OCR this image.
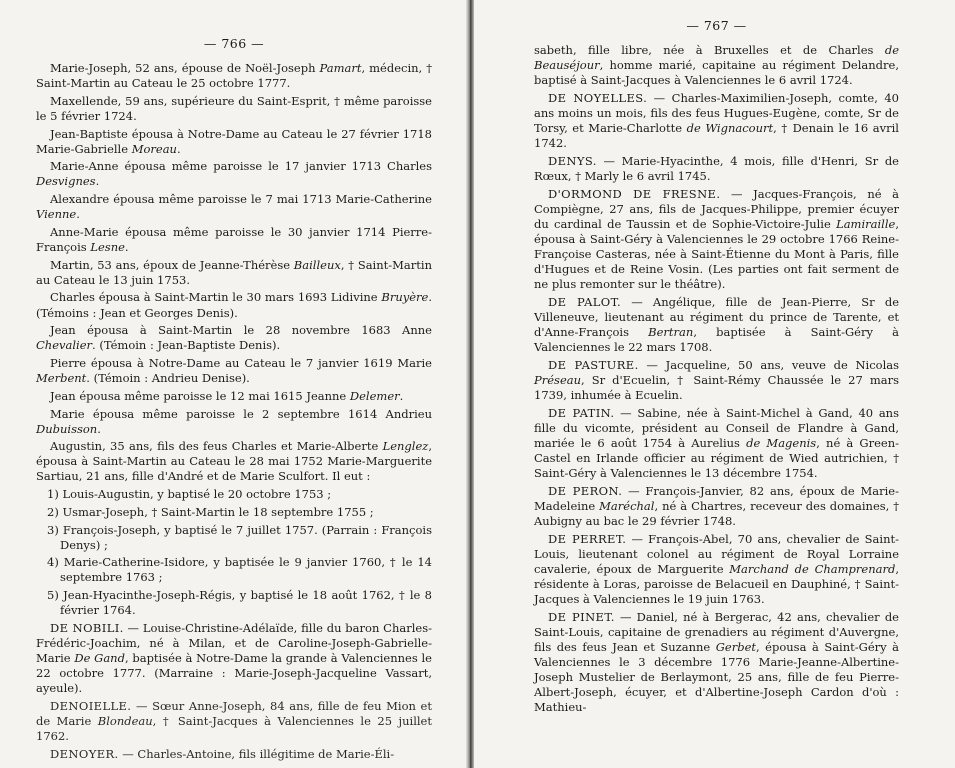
— 766 —

Marie-Joseph, 52 ans, épouse de Noël-Joseph Pamart, médecin, † Saint-Martin au Cateau le 25 octobre 1777.

Maxellende, 59 ans, supérieure du Saint-Esprit, † même paroisse le 5 février 1724.

Jean-Baptiste épousa à Notre-Dame au Cateau le 27 février 1718 Marie-Gabrielle Moreau.

Marie-Anne épousa même paroisse le 17 janvier 1713 Charles Desvignes.

Alexandre épousa même paroisse le 7 mai 1713 Marie-Catherine Vienne.

Anne-Marie épousa même paroisse le 30 janvier 1714 Pierre-François Lesne.

Martin, 53 ans, époux de Jeanne-Thérèse Bailleux, † Saint-Martin au Cateau le 13 juin 1753.

Charles épousa à Saint-Martin le 30 mars 1693 Lidivine Bruyère. (Témoins : Jean et Georges Denis).

Jean épousa à Saint-Martin le 28 novembre 1683 Anne Chevalier. (Témoin : Jean-Baptiste Denis).

Pierre épousa à Notre-Dame au Cateau le 7 janvier 1619 Marie Merbent. (Témoin : Andrieu Denise).

Jean épousa même paroisse le 12 mai 1615 Jeanne Delemer.

Marie épousa même paroisse le 2 septembre 1614 Andrieu Dubuisson.

Augustin, 35 ans, fils des feus Charles et Marie-Alberte Lenglez, épousa à Saint-Martin au Cateau le 28 mai 1752 Marie-Marguerite Sartiau, 21 ans, fille d'André et de Marie Sculfort. Il eut :

1) Louis-Augustin, y baptisé le 20 octobre 1753 ;

2) Usmar-Joseph, † Saint-Martin le 18 septembre 1755 ;

3) François-Joseph, y baptisé le 7 juillet 1757. (Parrain : François Denys) ;

4) Marie-Catherine-Isidore, y baptisée le 9 janvier 1760, † le 14 septembre 1763 ;

5) Jean-Hyacinthe-Joseph-Régis, y baptisé le 18 août 1762, † le 8 février 1764.

DE NOBILI. — Louise-Christine-Adélaïde, fille du baron Charles-Frédéric-Joachim, né à Milan, et de Caroline-Joseph-Gabrielle-Marie De Gand, baptisée à Notre-Dame la grande à Valenciennes le 22 octobre 1777. (Marraine : Marie-Joseph-Jacqueline Vassart, ayeule).

DENOIELLE. — Sœur Anne-Joseph, 84 ans, fille de feu Mion et de Marie Blondeau, † Saint-Jacques à Valenciennes le 25 juillet 1762.

DENOYER. — Charles-Antoine, fils illégitime de Marie-Éli-

— 767 —

sabeth, fille libre, née à Bruxelles et de Charles de Beauséjour, homme marié, capitaine au régiment Delandre, baptisé à Saint-Jacques à Valenciennes le 6 avril 1724.

DE NOYELLES. — Charles-Maximilien-Joseph, comte, 40 ans moins un mois, fils des feus Hugues-Eugène, comte, Sr de Torsy, et Marie-Charlotte de Wignacourt, † Denain le 16 avril 1742.

DENYS. — Marie-Hyacinthe, 4 mois, fille d'Henri, Sr de Rœux, † Marly le 6 avril 1745.

D'ORMOND DE FRESNE. — Jacques-François, né à Compiègne, 27 ans, fils de Jacques-Philippe, premier écuyer du cardinal de Taussin et de Sophie-Victoire-Julie Lamiraille, épousa à Saint-Géry à Valenciennes le 29 octobre 1766 Reine-Françoise Casteras, née à Saint-Étienne du Mont à Paris, fille d'Hugues et de Reine Vosin. (Les parties ont fait serment de ne plus remonter sur le théâtre).

DE PALOT. — Angélique, fille de Jean-Pierre, Sr de Villeneuve, lieutenant au régiment du prince de Tarente, et d'Anne-François Bertran, baptisée à Saint-Géry à Valenciennes le 22 mars 1708.

DE PASTURE. — Jacqueline, 50 ans, veuve de Nicolas Préseau, Sr d'Ecuelin, † Saint-Rémy Chaussée le 27 mars 1739, inhumée à Ecuelin.

DE PATIN. — Sabine, née à Saint-Michel à Gand, 40 ans fille du vicomte, président au Conseil de Flandre à Gand, mariée le 6 août 1754 à Aurelius de Magenis, né à Green-Castel en Irlande officier au régiment de Wied autrichien, † Saint-Géry à Valenciennes le 13 décembre 1754.

DE PERON. — François-Janvier, 82 ans, époux de Marie-Madeleine Maréchal, né à Chartres, receveur des domaines, † Aubigny au bac le 29 février 1748.

DE PERRET. — François-Abel, 70 ans, chevalier de Saint-Louis, lieutenant colonel au régiment de Royal Lorraine cavalerie, époux de Marguerite Marchand de Champrenard, résidente à Loras, paroisse de Belacueil en Dauphiné, † Saint-Jacques à Valenciennes le 19 juin 1763.

DE PINET. — Daniel, né à Bergerac, 42 ans, chevalier de Saint-Louis, capitaine de grenadiers au régiment d'Auvergne, fils des feus Jean et Suzanne Gerbet, épousa à Saint-Géry à Valenciennes le 3 décembre 1776 Marie-Jeanne-Albertine-Joseph Mustelier de Berlaymont, 25 ans, fille de feu Pierre-Albert-Joseph, écuyer, et d'Albertine-Joseph Cardon d'où : Mathieu-
